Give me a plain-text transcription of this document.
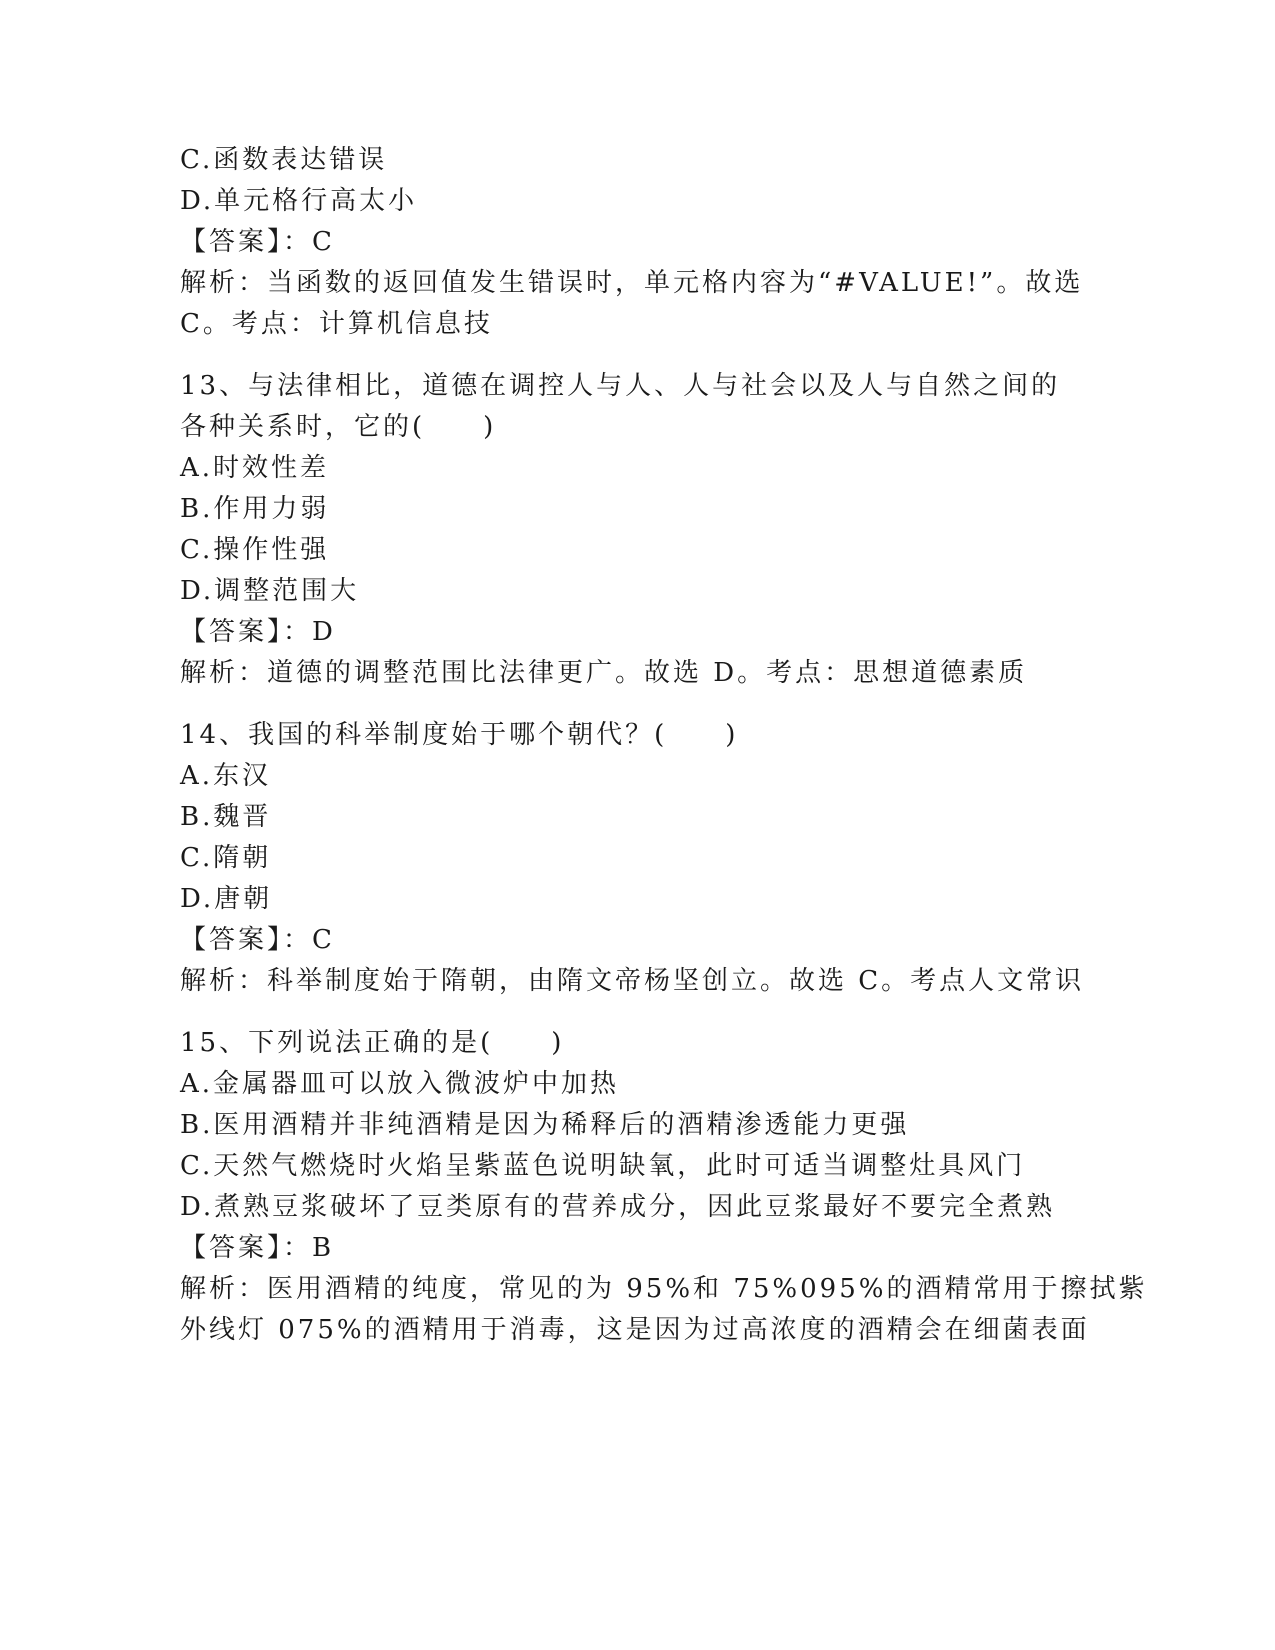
C.函数表达错误
D.单元格行高太小
【答案】：C
解析：当函数的返回值发生错误时，单元格内容为“#VALUE!”。故选
C。考点：计算机信息技
13、与法律相比，道德在调控人与人、人与社会以及人与自然之间的
各种关系时，它的(　　)
A.时效性差
B.作用力弱
C.操作性强
D.调整范围大
【答案】：D
解析：道德的调整范围比法律更广。故选 D。考点：思想道德素质
14、我国的科举制度始于哪个朝代？(　　)
A.东汉
B.魏晋
C.隋朝
D.唐朝
【答案】：C
解析：科举制度始于隋朝，由隋文帝杨坚创立。故选 C。考点人文常识
15、下列说法正确的是(　　)
A.金属器皿可以放入微波炉中加热
B.医用酒精并非纯酒精是因为稀释后的酒精渗透能力更强
C.天然气燃烧时火焰呈紫蓝色说明缺氧，此时可适当调整灶具风门
D.煮熟豆浆破坏了豆类原有的营养成分，因此豆浆最好不要完全煮熟
【答案】：B
解析：医用酒精的纯度，常见的为 95%和 75%095%的酒精常用于擦拭紫
外线灯 075%的酒精用于消毒，这是因为过高浓度的酒精会在细菌表面
